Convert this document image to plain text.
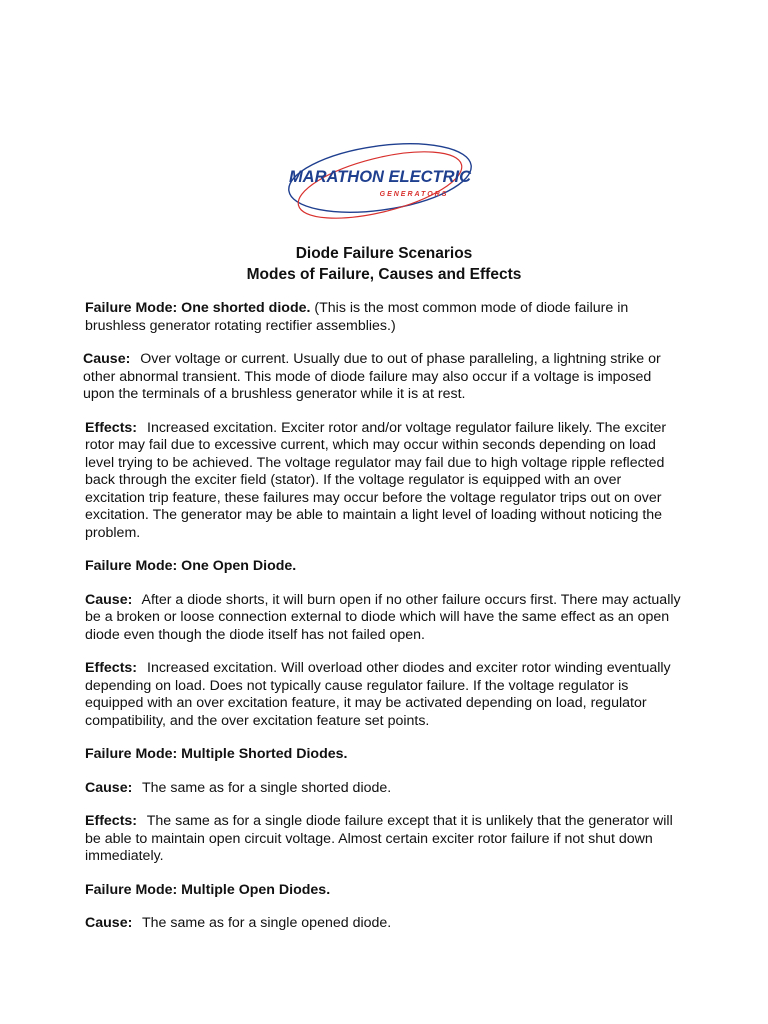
MARATHON ELECTRIC
GENERATORS

Diode Failure Scenarios

Modes of Failure, Causes and Effects

Failure Mode: One shorted diode. (This is the most common mode of diode failure in brushless generator rotating rectifier assemblies.)

Cause: Over voltage or current. Usually due to out of phase paralleling, a lightning strike or other abnormal transient. This mode of diode failure may also occur if a voltage is imposed upon the terminals of a brushless generator while it is at rest.

Effects: Increased excitation. Exciter rotor and/or voltage regulator failure likely. The exciter rotor may fail due to excessive current, which may occur within seconds depending on load level trying to be achieved. The voltage regulator may fail due to high voltage ripple reflected back through the exciter field (stator). If the voltage regulator is equipped with an over excitation trip feature, these failures may occur before the voltage regulator trips out on over excitation. The generator may be able to maintain a light level of loading without noticing the problem.

Failure Mode: One Open Diode.

Cause: After a diode shorts, it will burn open if no other failure occurs first. There may actually be a broken or loose connection external to diode which will have the same effect as an open diode even though the diode itself has not failed open.

Effects: Increased excitation. Will overload other diodes and exciter rotor winding eventually depending on load. Does not typically cause regulator failure. If the voltage regulator is equipped with an over excitation feature, it may be activated depending on load, regulator compatibility, and the over excitation feature set points.

Failure Mode: Multiple Shorted Diodes.

Cause: The same as for a single shorted diode.

Effects: The same as for a single diode failure except that it is unlikely that the generator will be able to maintain open circuit voltage. Almost certain exciter rotor failure if not shut down immediately.

Failure Mode: Multiple Open Diodes.

Cause: The same as for a single opened diode.
